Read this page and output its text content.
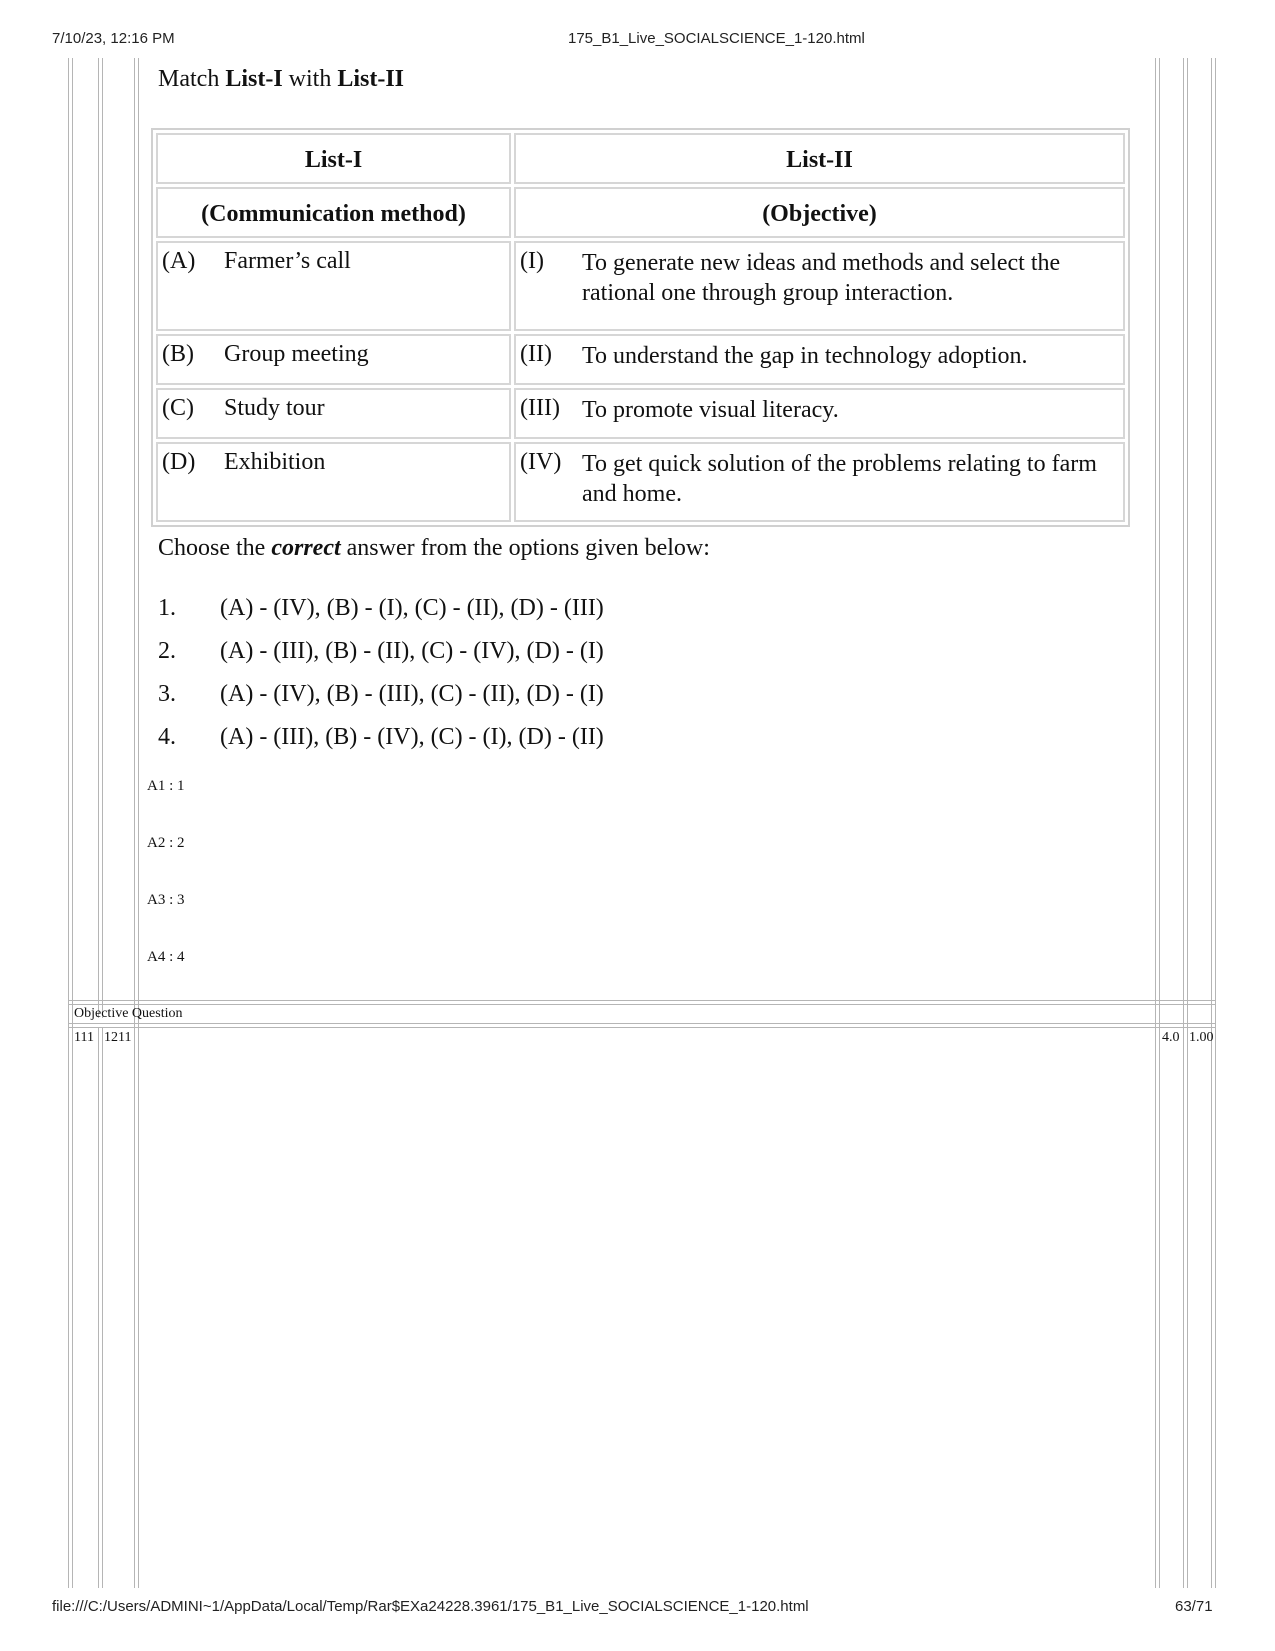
7/10/23, 12:16 PM	175_B1_Live_SOCIALSCIENCE_1-120.html
Match List-I with List-II
List-I	List-II
(Communication method)	(Objective)
(A) Farmer’s call	(I) To generate new ideas and methods and select the rational one through group interaction.
(B) Group meeting	(II) To understand the gap in technology adoption.
(C) Study tour	(III) To promote visual literacy.
(D) Exhibition	(IV) To get quick solution of the problems relating to farm and home.
Choose the correct answer from the options given below:
1. (A) - (IV), (B) - (I), (C) - (II), (D) - (III)
2. (A) - (III), (B) - (II), (C) - (IV), (D) - (I)
3. (A) - (IV), (B) - (III), (C) - (II), (D) - (I)
4. (A) - (III), (B) - (IV), (C) - (I), (D) - (II)
A1 : 1
A2 : 2
A3 : 3
A4 : 4
Objective Question
111 1211	4.0 1.00
file:///C:/Users/ADMINI~1/AppData/Local/Temp/Rar$EXa24228.3961/175_B1_Live_SOCIALSCIENCE_1-120.html	63/71
